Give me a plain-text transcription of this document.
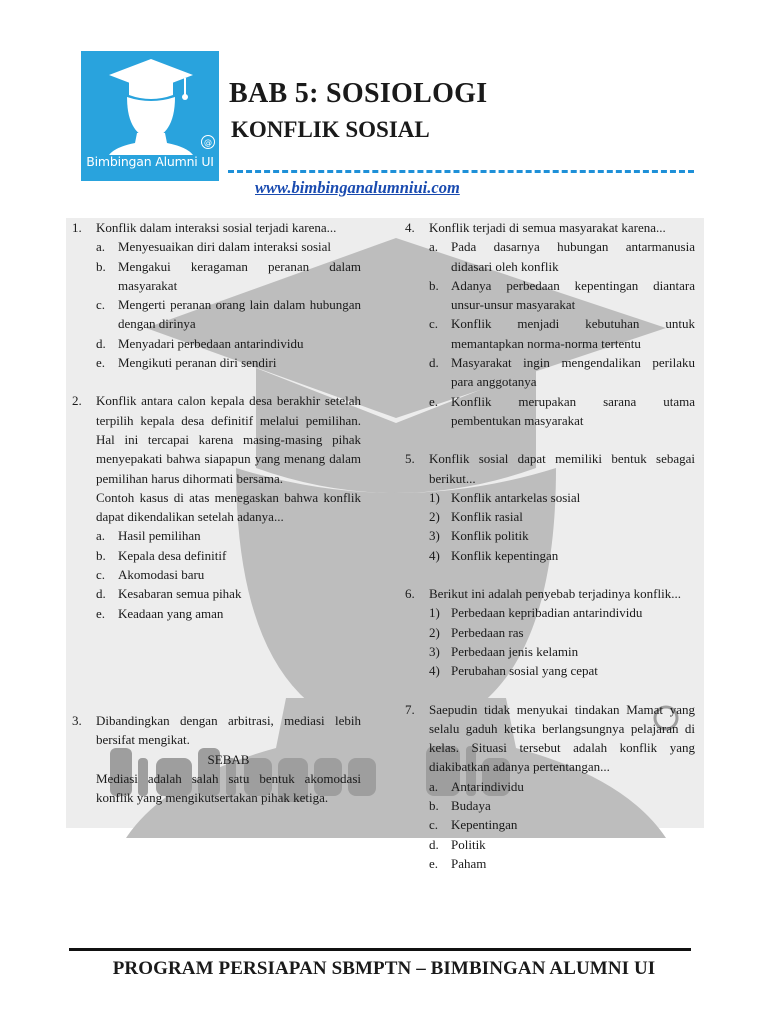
Bimbingan Alumni UI
@
BAB 5: SOSIOLOGI
KONFLIK SOSIAL
www.bimbinganalumniui.com
1. Konflik dalam interaksi sosial terjadi karena...
a. Menyesuaikan diri dalam interaksi sosial
b. Mengakui keragaman peranan dalam masyarakat
c. Mengerti peranan orang lain dalam hubungan dengan dirinya
d. Menyadari perbedaan antarindividu
e. Mengikuti peranan diri sendiri
2. Konflik antara calon kepala desa berakhir setelah terpilih kepala desa definitif melalui pemilihan. Hal ini tercapai karena masing-masing pihak menyepakati bahwa siapapun yang menang dalam pemilihan harus dihormati bersama.
Contoh kasus di atas menegaskan bahwa konflik dapat dikendalikan setelah adanya...
a. Hasil pemilihan
b. Kepala desa definitif
c. Akomodasi baru
d. Kesabaran semua pihak
e. Keadaan yang aman
3. Dibandingkan dengan arbitrasi, mediasi lebih bersifat mengikat.
SEBAB
Mediasi adalah salah satu bentuk akomodasi konflik yang mengikutsertakan pihak ketiga.
4. Konflik terjadi di semua masyarakat karena...
a. Pada dasarnya hubungan antarmanusia didasari oleh konflik
b. Adanya perbedaan kepentingan diantara unsur-unsur masyarakat
c. Konflik menjadi kebutuhan untuk memantapkan norma-norma tertentu
d. Masyarakat ingin mengendalikan perilaku para anggotanya
e. Konflik merupakan sarana utama pembentukan masyarakat
5. Konflik sosial dapat memiliki bentuk sebagai berikut...
1) Konflik antarkelas sosial
2) Konflik rasial
3) Konflik politik
4) Konflik kepentingan
6. Berikut ini adalah penyebab terjadinya konflik...
1) Perbedaan kepribadian antarindividu
2) Perbedaan ras
3) Perbedaan jenis kelamin
4) Perubahan sosial yang cepat
7. Saepudin tidak menyukai tindakan Mamat yang selalu gaduh ketika berlangsungnya pelajaran di kelas. Situasi tersebut adalah konflik yang diakibatkan adanya pertentangan...
a. Antarindividu
b. Budaya
c. Kepentingan
d. Politik
e. Paham
PROGRAM PERSIAPAN SBMPTN – BIMBINGAN ALUMNI UI
